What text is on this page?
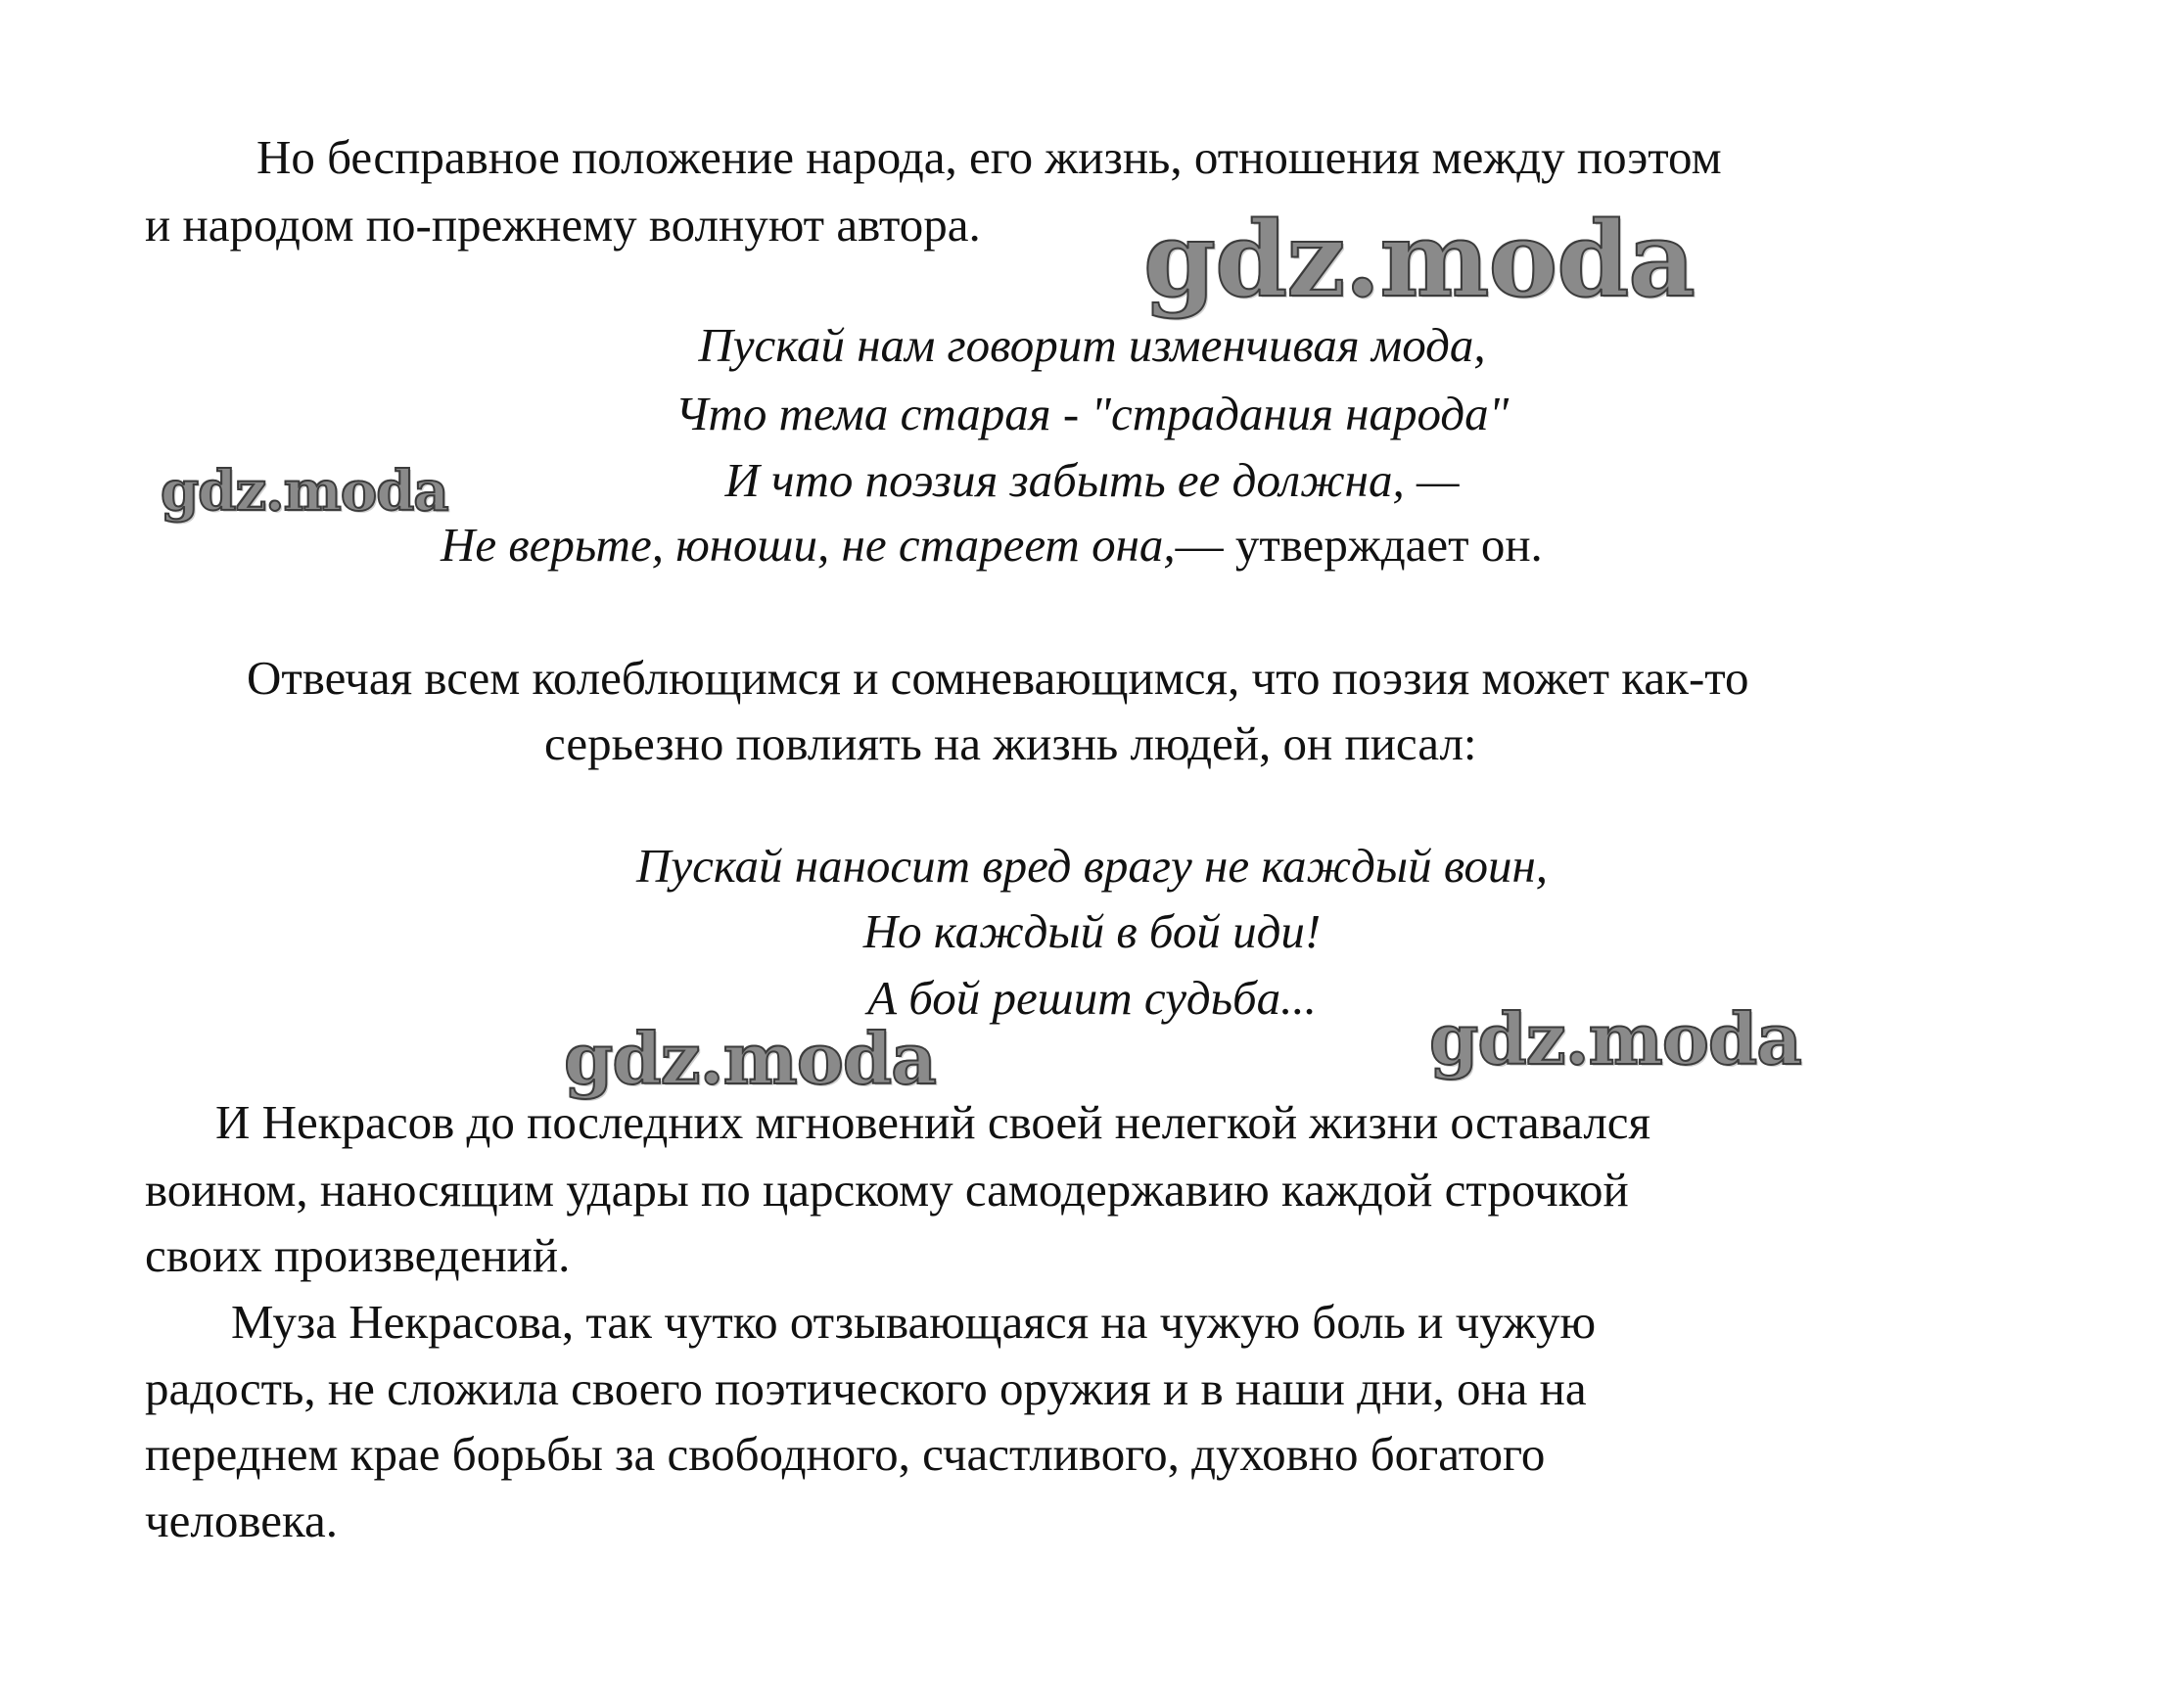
Но бесправное положение народа, его жизнь, отношения между поэтом
и народом по-прежнему волнуют автора.
Пускай нам говорит изменчивая мода,
Что тема старая - "страдания народа"
И что поэзия забыть ее должна, —
Не верьте, юноши, не стареет она,— утверждает он.
Отвечая всем колеблющимся и сомневающимся, что поэзия может как-то
серьезно повлиять на жизнь людей, он писал:
Пускай наносит вред врагу не каждый воин,
Но каждый в бой иди!
А бой решит судьба...
И Некрасов до последних мгновений своей нелегкой жизни оставался
воином, наносящим удары по царскому самодержавию каждой строчкой
своих произведений.
Муза Некрасова, так чутко отзывающаяся на чужую боль и чужую
радость, не сложила своего поэтического оружия и в наши дни, она на
переднем крае борьбы за свободного, счастливого, духовно богатого
человека.
gdz.moda
gdz.moda
gdz.moda	gdz.moda
